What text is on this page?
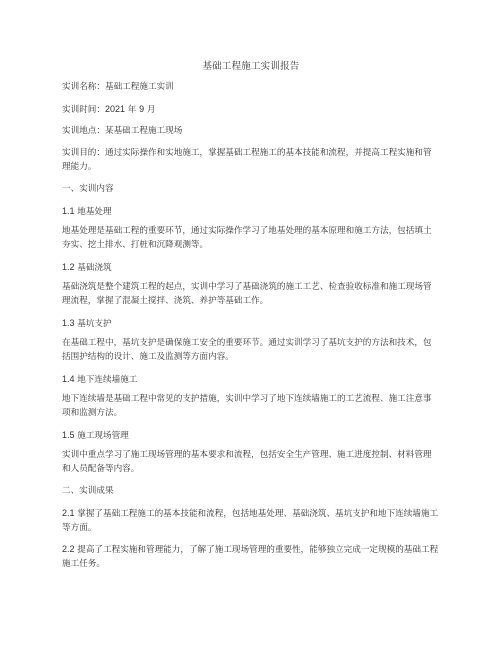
基础工程施工实训报告
实训名称：基础工程施工实训
实训时间：2021 年 9 月
实训地点：某基础工程施工现场
实训目的：通过实际操作和实地施工，掌握基础工程施工的基本技能和流程，并提高工程实施和管理能力。
一、实训内容
1.1 地基处理
地基处理是基础工程的重要环节，通过实际操作学习了地基处理的基本原理和施工方法，包括填土夯实、挖土排水、打桩和沉降观测等。
1.2 基础浇筑
基础浇筑是整个建筑工程的起点，实训中学习了基础浇筑的施工工艺、检查验收标准和施工现场管理流程，掌握了混凝土搅拌、浇筑、养护等基础工作。
1.3 基坑支护
在基础工程中，基坑支护是确保施工安全的重要环节。通过实训学习了基坑支护的方法和技术，包括围护结构的设计、施工及监测等方面内容。
1.4 地下连续墙施工
地下连续墙是基础工程中常见的支护措施，实训中学习了地下连续墙施工的工艺流程、施工注意事项和监测方法。
1.5 施工现场管理
实训中重点学习了施工现场管理的基本要求和流程，包括安全生产管理、施工进度控制、材料管理和人员配备等内容。
二、实训成果
2.1 掌握了基础工程施工的基本技能和流程，包括地基处理、基础浇筑、基坑支护和地下连续墙施工等方面。
2.2 提高了工程实施和管理能力，了解了施工现场管理的重要性，能够独立完成一定规模的基础工程施工任务。
